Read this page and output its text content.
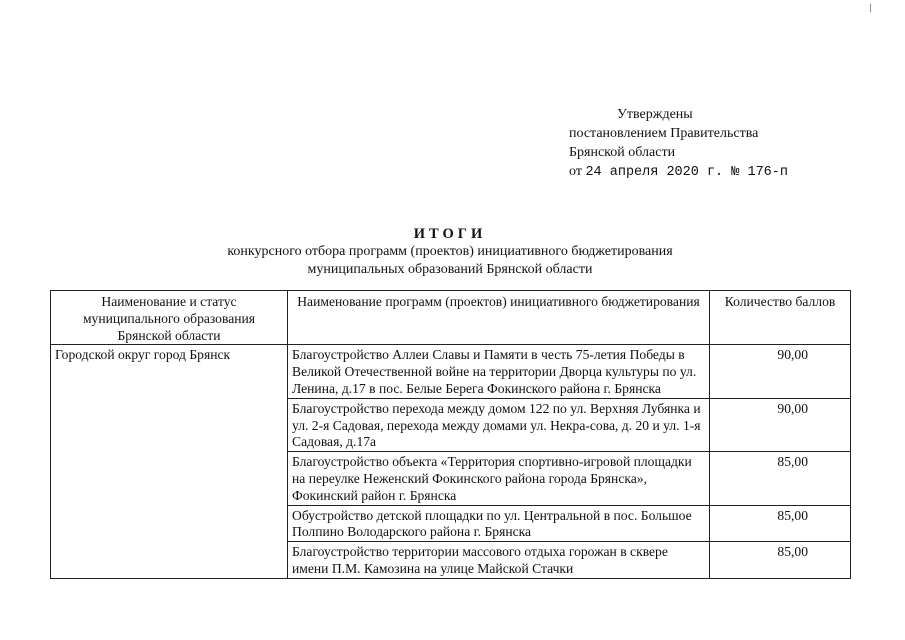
Утверждены
постановлением Правительства
Брянской области
от 24 апреля 2020 г. № 176-п
ИТОГИ
конкурсного отбора программ (проектов) инициативного бюджетирования
муниципальных образований Брянской области
Наименование и статус муниципального образования Брянской области	Наименование программ (проектов) инициативного бюджетирования	Количество баллов
Городской округ город Брянск	Благоустройство Аллеи Славы и Памяти в честь 75-летия Победы в Великой Отечественной войне на территории Дворца культуры по ул. Ленина, д.17 в пос. Белые Берега Фокинского района г. Брянска	90,00
	Благоустройство перехода между домом 122 по ул. Верхняя Лубянка и ул. 2-я Садовая, перехода между домами ул. Некра-сова, д. 20 и ул. 1-я Садовая, д.17а	90,00
	Благоустройство объекта «Территория спортивно-игровой площадки на переулке Неженский Фокинского района города Брянска», Фокинский район г. Брянска	85,00
	Обустройство детской площадки по ул. Центральной в пос. Большое Полпино Володарского района г. Брянска	85,00
	Благоустройство территории массового отдыха горожан в сквере имени П.М. Камозина на улице Майской Стачки	85,00
